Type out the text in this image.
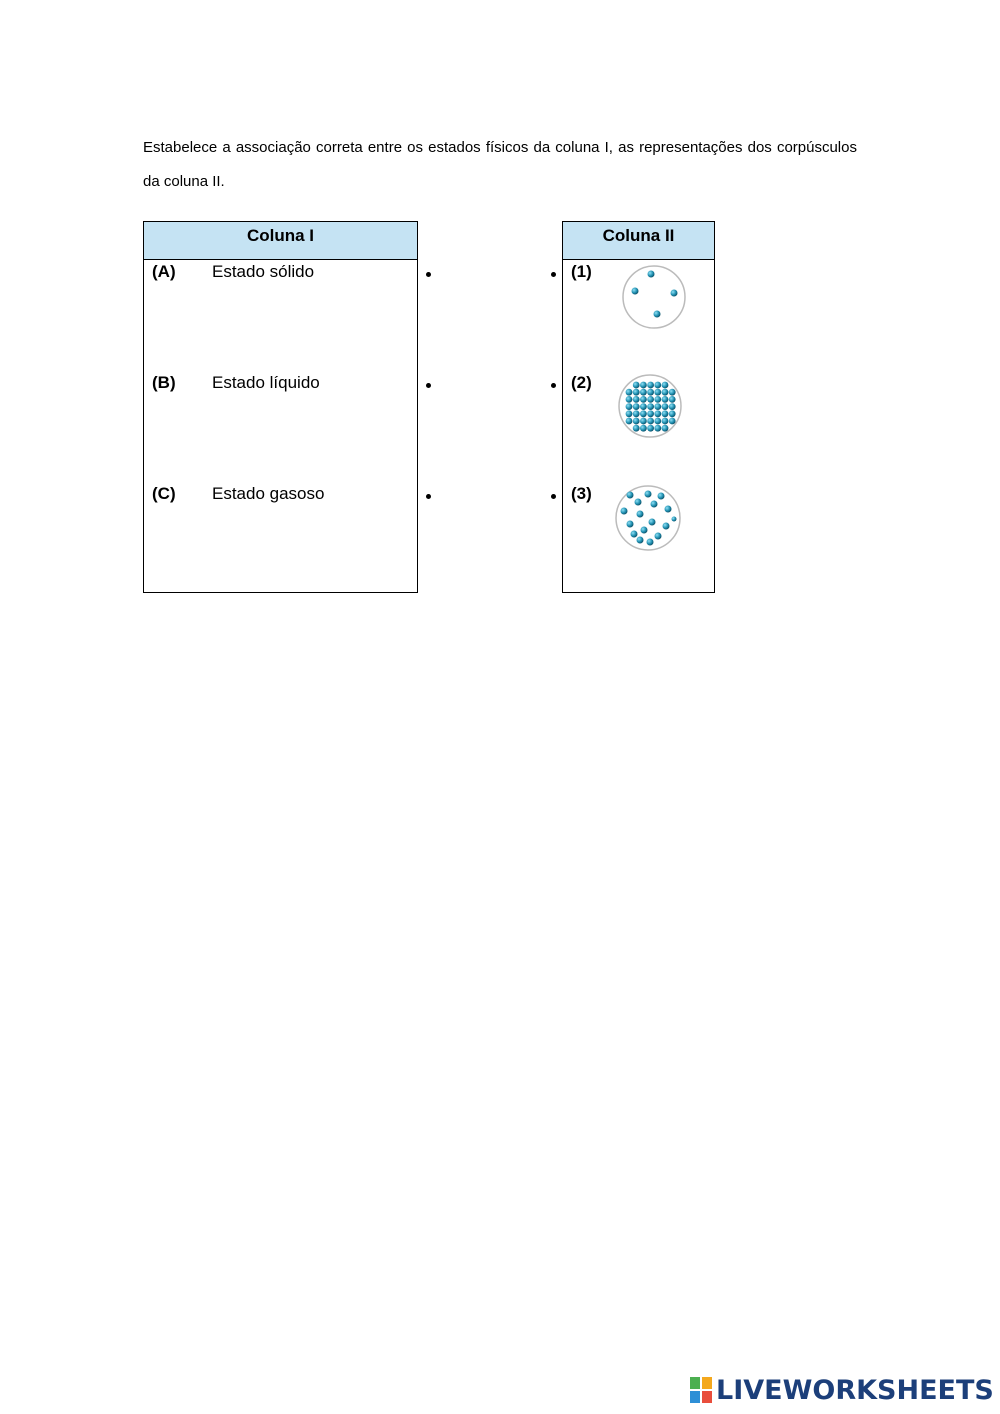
Estabelece a associação correta entre os estados físicos da coluna I, as representações dos corpúsculos da coluna II.

Coluna I
(A) Estado sólido
(B) Estado líquido
(C) Estado gasoso
Coluna II
(1)
(2)
(3)
LIVEWORKSHEETS
